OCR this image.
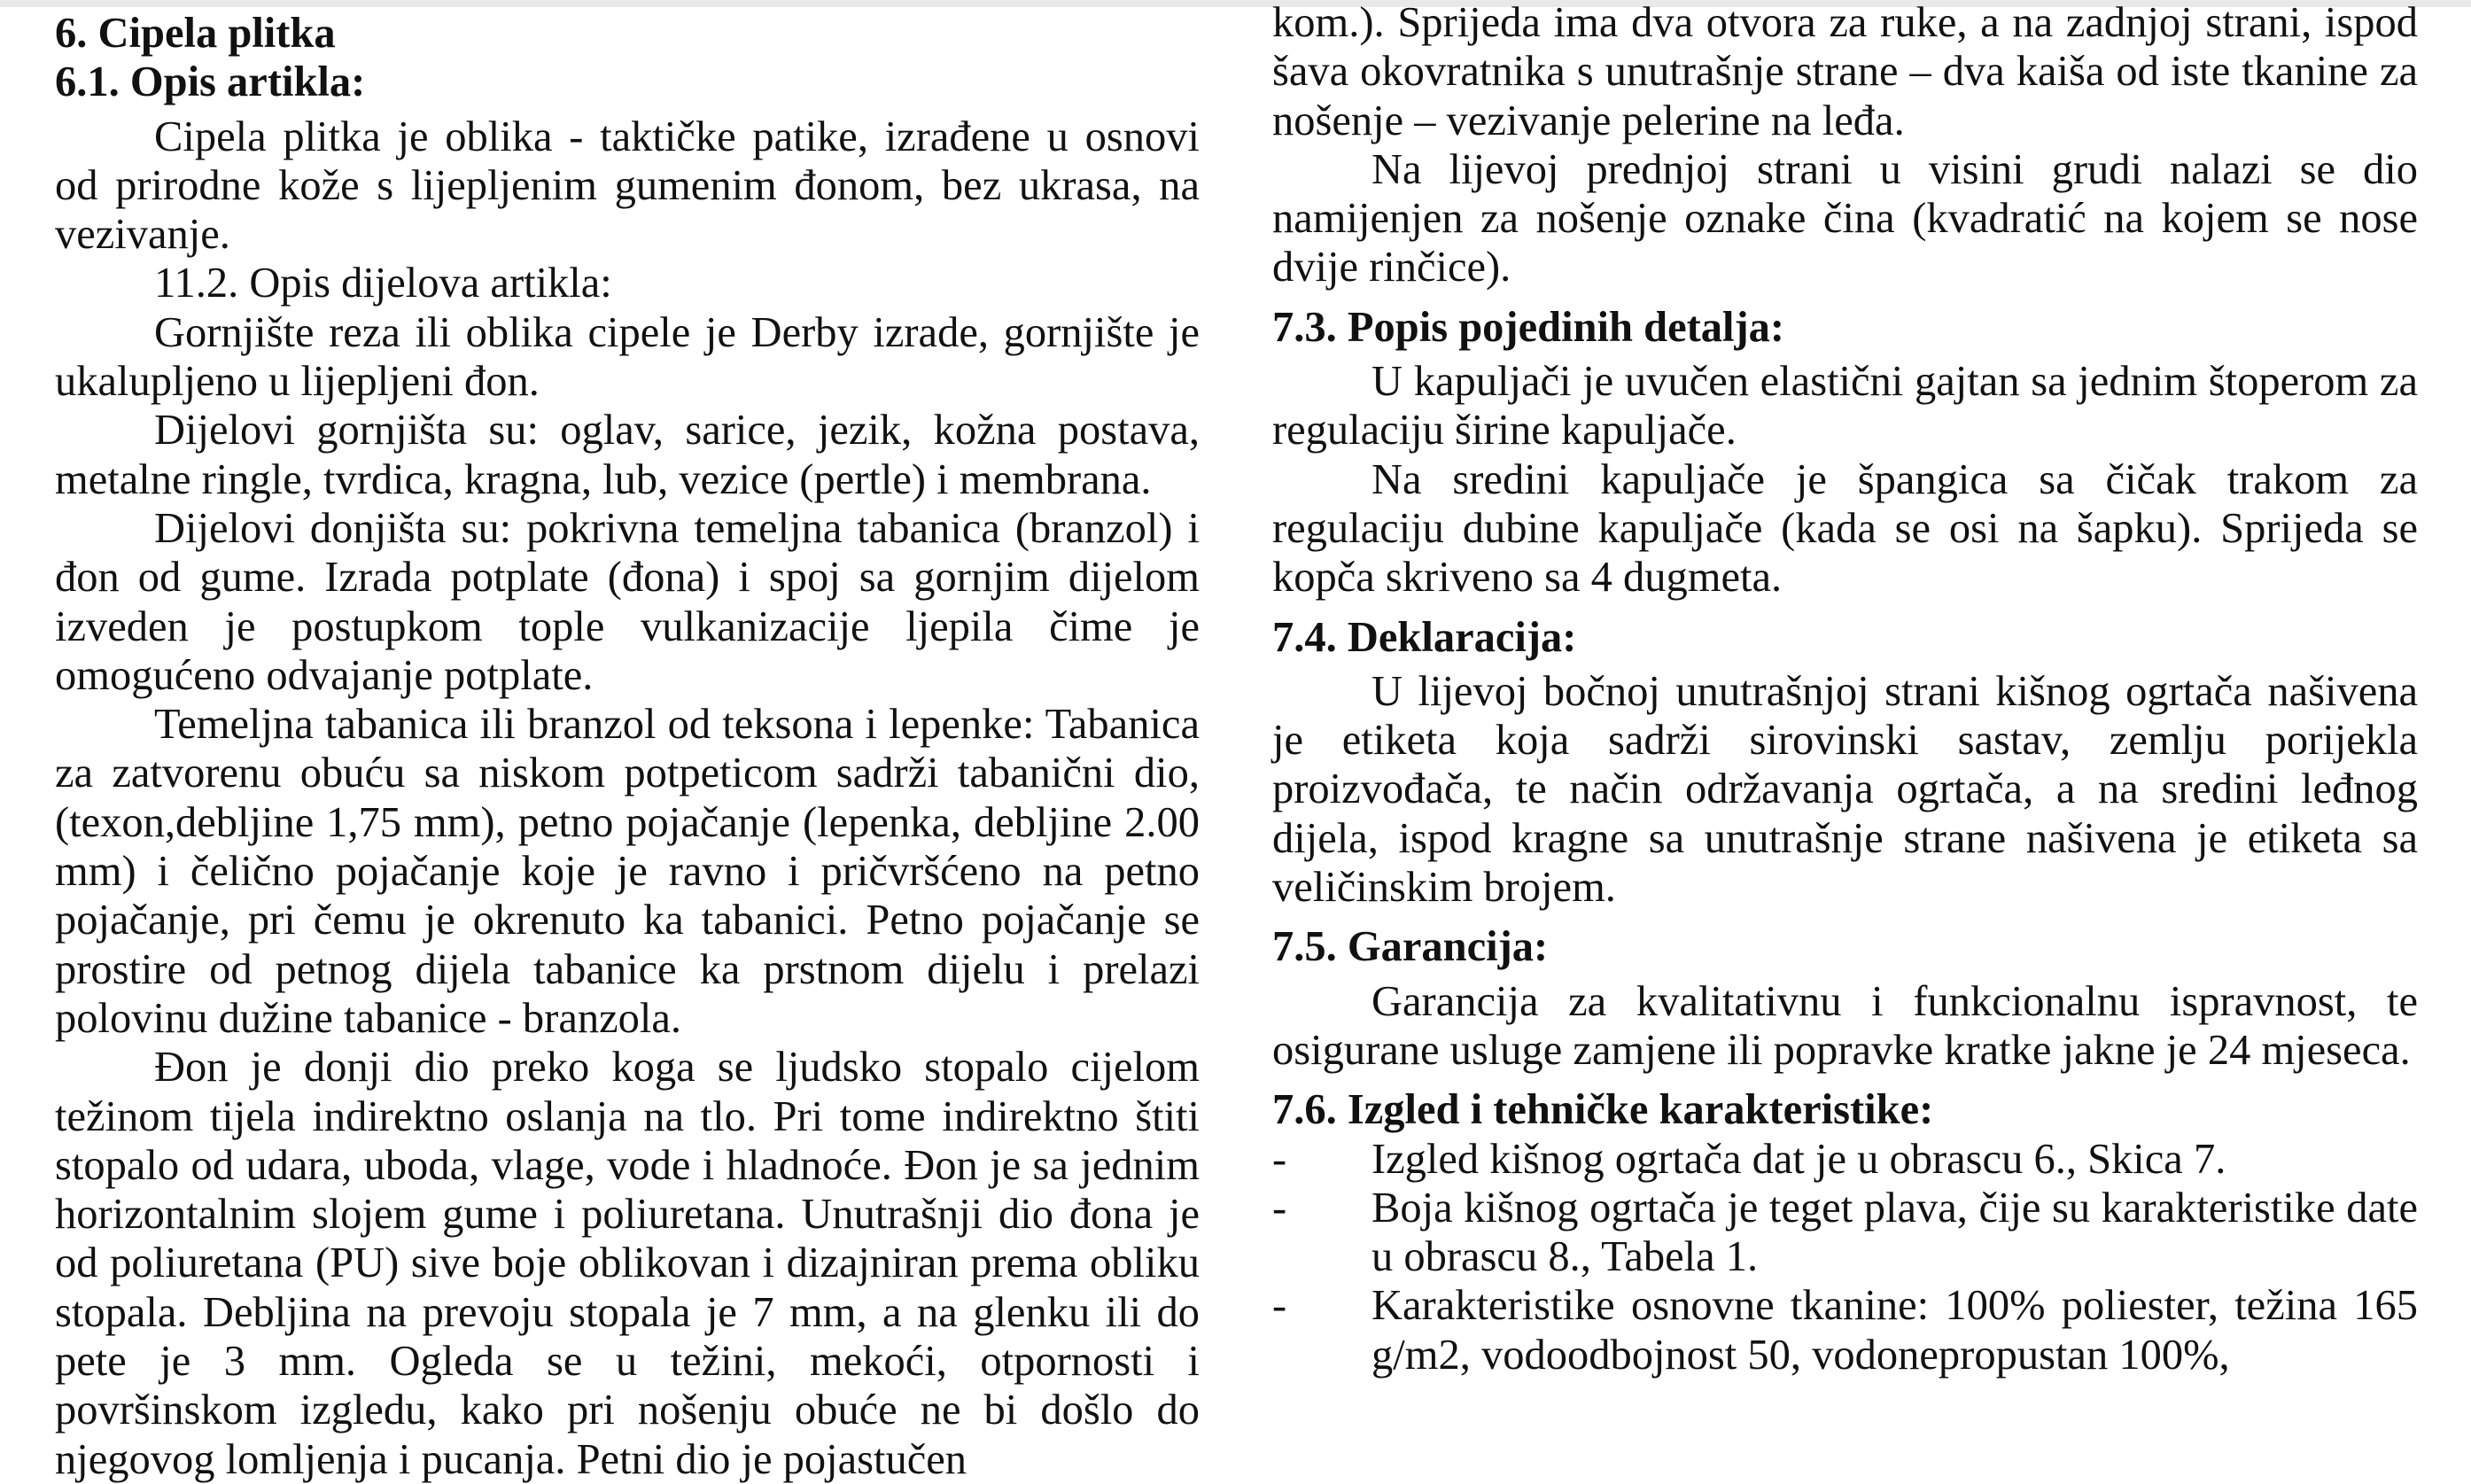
6. Cipela plitka

6.1. Opis artikla:

Cipela plitka je oblika - taktičke patike, izrađene u osnovi od prirodne kože s lijepljenim gumenim đonom, bez ukrasa, na vezivanje.

11.2. Opis dijelova artikla:

Gornjište reza ili oblika cipele je Derby izrade, gornjište je ukalupljeno u lijepljeni đon.

Dijelovi gornjišta su: oglav, sarice, jezik, kožna postava, metalne ringle, tvrdica, kragna, lub, vezice (pertle) i membrana.

Dijelovi donjišta su: pokrivna temeljna tabanica (branzol) i đon od gume. Izrada potplate (đona) i spoj sa gornjim dijelom izveden je postupkom tople vulkanizacije ljepila čime je omogućeno odvajanje potplate.

Temeljna tabanica ili branzol od teksona i lepenke: Tabanica za zatvorenu obuću sa niskom potpeticom sadrži tabanični dio, (texon,debljine 1,75 mm), petno pojačanje (lepenka, debljine 2.00 mm) i čelično pojačanje koje je ravno i pričvršćeno na petno pojačanje, pri čemu je okrenuto ka tabanici. Petno pojačanje se prostire od petnog dijela tabanice ka prstnom dijelu i prelazi polovinu dužine tabanice - branzola.

Đon je donji dio preko koga se ljudsko stopalo cijelom težinom tijela indirektno oslanja na tlo. Pri tome indirektno štiti stopalo od udara, uboda, vlage, vode i hladnoće. Đon je sa jednim horizontalnim slojem gume i poliuretana. Unutrašnji dio đona je od poliuretana (PU) sive boje oblikovan i dizajniran prema obliku stopala. Debljina na prevoju stopala je 7 mm, a na glenku ili do pete je 3 mm. Ogleda se u težini, mekoći, otpornosti i površinskom izgledu, kako pri nošenju obuće ne bi došlo do njegovog lomljenja i pucanja. Petni dio je pojastučen

kom.). Sprijeda ima dva otvora za ruke, a na zadnjoj strani, ispod šava okovratnika s unutrašnje strane – dva kaiša od iste tkanine za nošenje – vezivanje pelerine na leđa.

Na lijevoj prednjoj strani u visini grudi nalazi se dio namijenjen za nošenje oznake čina (kvadratić na kojem se nose dvije rinčice).

7.3. Popis pojedinih detalja:

U kapuljači je uvučen elastični gajtan sa jednim štoperom za regulaciju širine kapuljače.

Na sredini kapuljače je špangica sa čičak trakom za regulaciju dubine kapuljače (kada se osi na šapku). Sprijeda se kopča skriveno sa 4 dugmeta.

7.4. Deklaracija:

U lijevoj bočnoj unutrašnjoj strani kišnog ogrtača našivena je etiketa koja sadrži sirovinski sastav, zemlju porijekla proizvođača, te način održavanja ogrtača, a na sredini leđnog dijela, ispod kragne sa unutrašnje strane našivena je etiketa sa veličinskim brojem.

7.5. Garancija:

Garancija za kvalitativnu i funkcionalnu ispravnost, te osigurane usluge zamjene ili popravke kratke jakne je 24 mjeseca.

7.6. Izgled i tehničke karakteristike:

-	Izgled kišnog ogrtača dat je u obrascu 6., Skica 7.
-	Boja kišnog ogrtača je teget plava, čije su karakteristike date u obrascu 8., Tabela 1.
-	Karakteristike osnovne tkanine: 100% poliester, težina 165 g/m2, vodoodbojnost 50, vodonepropustan 100%,
